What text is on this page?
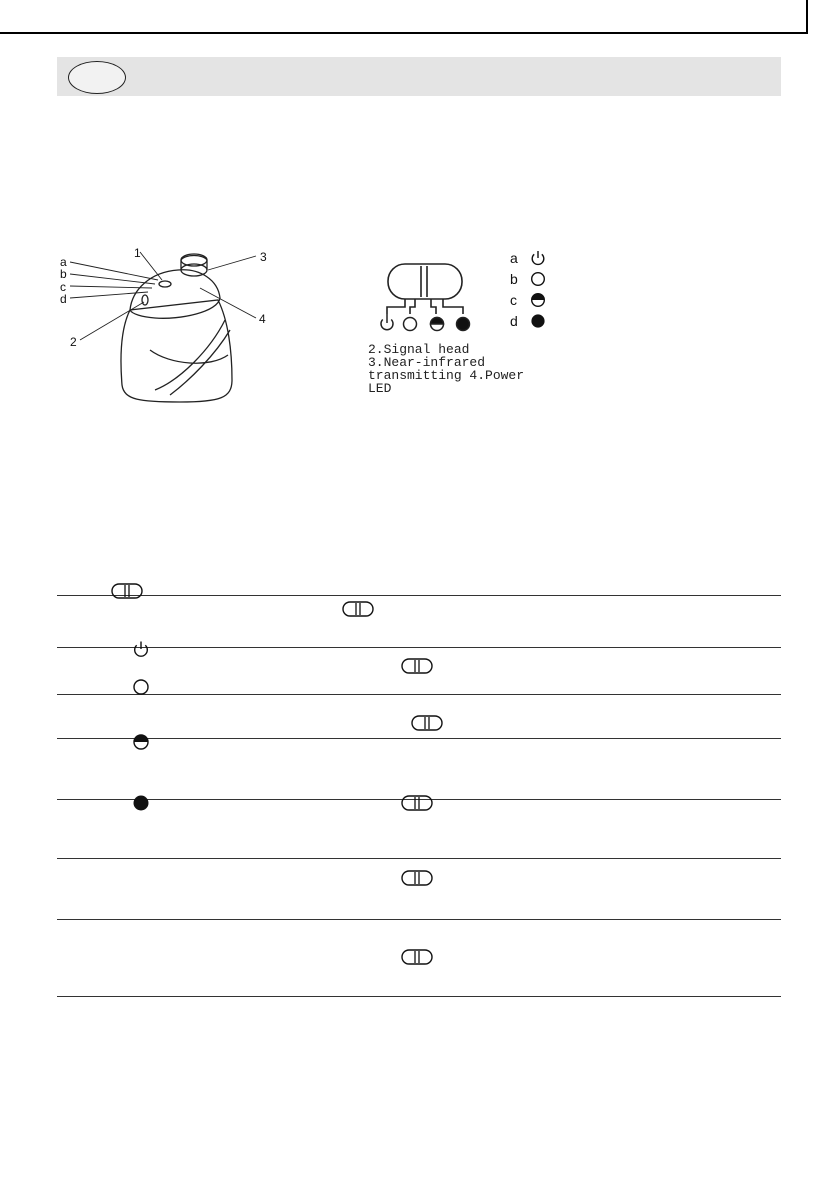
a
b
c
d
1
2
3
4
a
b
c
d
2.Signal head
3.Near-infrared
transmitting 4.Power
LED
